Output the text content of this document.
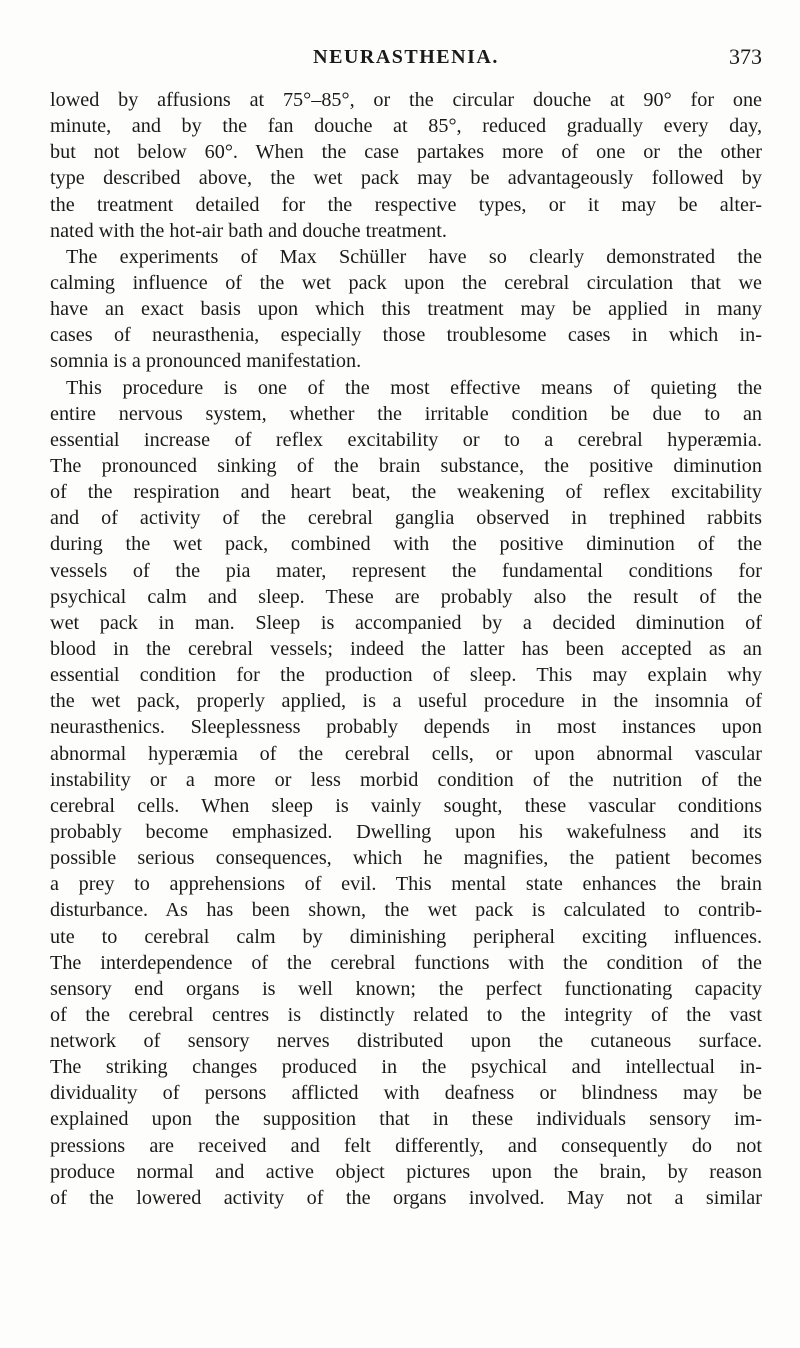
NEURASTHENIA.	373
lowed by affusions at 75°–85°, or the circular douche at 90° for one
minute, and by the fan douche at 85°, reduced gradually every day,
but not below 60°. When the case partakes more of one or the other
type described above, the wet pack may be advantageously followed by
the treatment detailed for the respective types, or it may be alter-
nated with the hot-air bath and douche treatment.
The experiments of Max Schüller have so clearly demonstrated the
calming influence of the wet pack upon the cerebral circulation that we
have an exact basis upon which this treatment may be applied in many
cases of neurasthenia, especially those troublesome cases in which in-
somnia is a pronounced manifestation.
This procedure is one of the most effective means of quieting the
entire nervous system, whether the irritable condition be due to an
essential increase of reflex excitability or to a cerebral hyperæmia.
The pronounced sinking of the brain substance, the positive diminution
of the respiration and heart beat, the weakening of reflex excitability
and of activity of the cerebral ganglia observed in trephined rabbits
during the wet pack, combined with the positive diminution of the
vessels of the pia mater, represent the fundamental conditions for
psychical calm and sleep. These are probably also the result of the
wet pack in man. Sleep is accompanied by a decided diminution of
blood in the cerebral vessels; indeed the latter has been accepted as an
essential condition for the production of sleep. This may explain why
the wet pack, properly applied, is a useful procedure in the insomnia of
neurasthenics. Sleeplessness probably depends in most instances upon
abnormal hyperæmia of the cerebral cells, or upon abnormal vascular
instability or a more or less morbid condition of the nutrition of the
cerebral cells. When sleep is vainly sought, these vascular conditions
probably become emphasized. Dwelling upon his wakefulness and its
possible serious consequences, which he magnifies, the patient becomes
a prey to apprehensions of evil. This mental state enhances the brain
disturbance. As has been shown, the wet pack is calculated to contrib-
ute to cerebral calm by diminishing peripheral exciting influences.
The interdependence of the cerebral functions with the condition of the
sensory end organs is well known; the perfect functionating capacity
of the cerebral centres is distinctly related to the integrity of the vast
network of sensory nerves distributed upon the cutaneous surface.
The striking changes produced in the psychical and intellectual in-
dividuality of persons afflicted with deafness or blindness may be
explained upon the supposition that in these individuals sensory im-
pressions are received and felt differently, and consequently do not
produce normal and active object pictures upon the brain, by reason
of the lowered activity of the organs involved. May not a similar
